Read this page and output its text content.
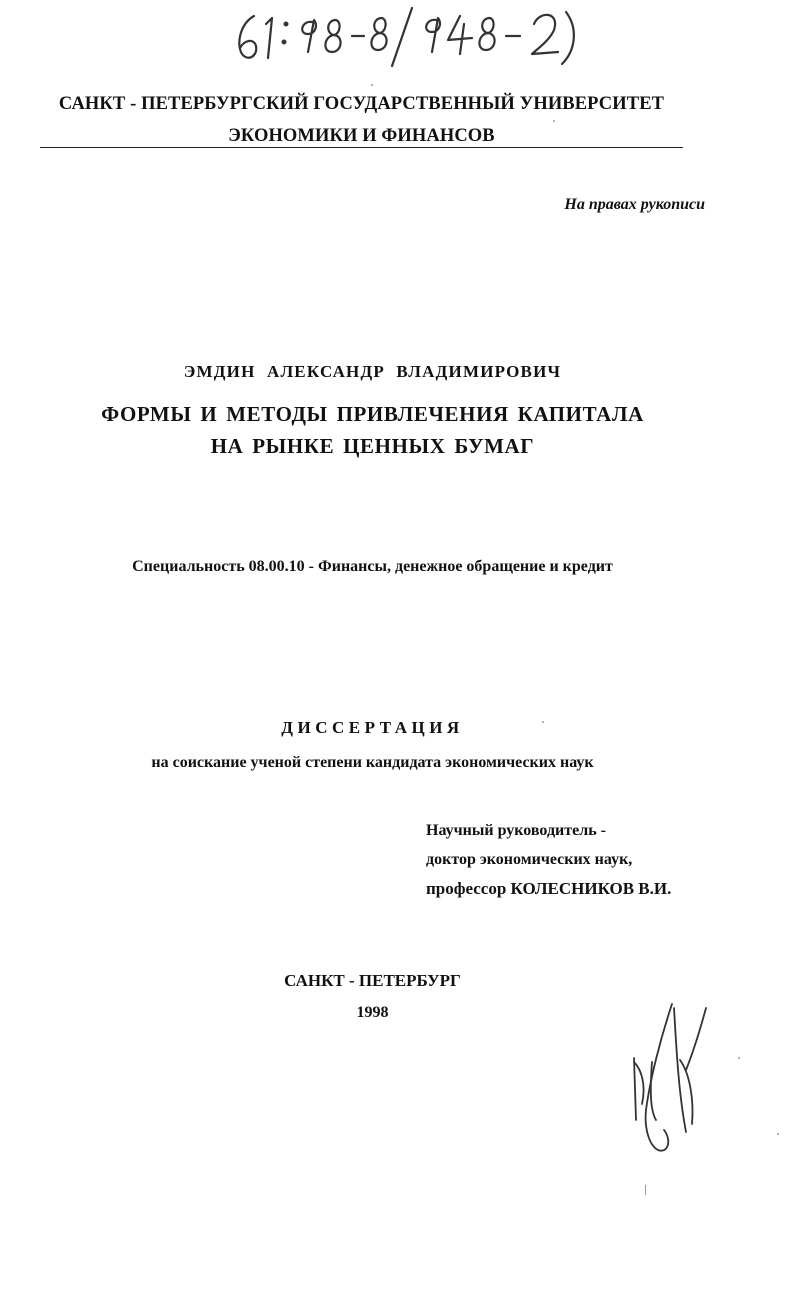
САНКТ - ПЕТЕРБУРГСКИЙ ГОСУДАРСТВЕННЫЙ УНИВЕРСИТЕТ
ЭКОНОМИКИ И ФИНАНСОВ
На правах рукописи
ЭМДИН АЛЕКСАНДР ВЛАДИМИРОВИЧ
ФОРМЫ И МЕТОДЫ ПРИВЛЕЧЕНИЯ КАПИТАЛА
НА РЫНКЕ ЦЕННЫХ БУМАГ
Специальность 08.00.10 - Финансы, денежное обращение и кредит
ДИССЕРТАЦИЯ
на соискание ученой степени кандидата экономических наук
Научный руководитель -
доктор экономических наук,
профессор КОЛЕСНИКОВ В.И.
САНКТ - ПЕТЕРБУРГ
1998
